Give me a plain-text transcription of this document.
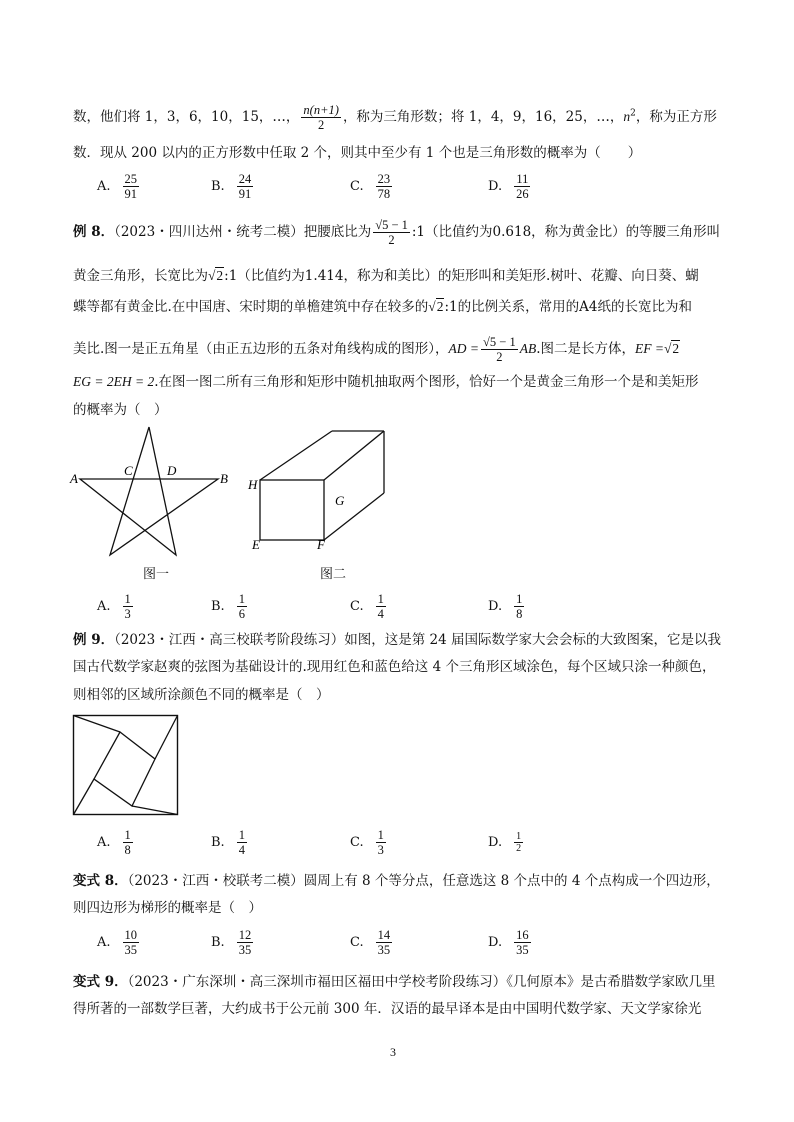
数，他们将 1，3，6，10，15，…， $\frac{n(n+1)}{2}$ ，称为三角形数；将 1，4，9，16，25，…，$n^2$，称为正方形
数．现从 200 以内的正方形数中任取 2 个，则其中至少有 1 个也是三角形数的概率为（　　）
A. $\frac{25}{91}$	B. $\frac{24}{91}$	C. $\frac{23}{78}$	D. $\frac{11}{26}$
例 8．（2023・四川达州・统考二模）把腰底比为 $\frac{√5 - 1}{2}$ :1（比值约为0.618，称为黄金比）的等腰三角形叫
黄金三角形，长宽比为√2:1（比值约为1.414，称为和美比）的矩形叫和美矩形.树叶、花瓣、向日葵、蝴
蝶等都有黄金比.在中国唐、宋时期的单檐建筑中存在较多的√2:1的比例关系，常用的A4纸的长宽比为和
美比.图一是正五角星（由正五边形的五条对角线构成的图形），AD = $\frac{√5 - 1}{2}$ AB.图二是长方体，EF =√2
EG = 2EH = 2.在图一图二所有三角形和矩形中随机抽取两个图形，恰好一个是黄金三角形一个是和美矩形
的概率为（　）
A
C	D
B
图一
H
G
E	F
图二
A. $\frac{1}{3}$	B. $\frac{1}{6}$	C. $\frac{1}{4}$	D. $\frac{1}{8}$
例 9．（2023・江西・高三校联考阶段练习）如图，这是第 24 届国际数学家大会会标的大致图案，它是以我
国古代数学家赵爽的弦图为基础设计的.现用红色和蓝色给这 4 个三角形区域涂色，每个区域只涂一种颜色，
则相邻的区域所涂颜色不同的概率是（　）
A. $\frac{1}{8}$	B. $\frac{1}{4}$	C. $\frac{1}{3}$	D. $\frac{1}{2}$
变式 8．（2023・江西・校联考二模）圆周上有 8 个等分点，任意选这 8 个点中的 4 个点构成一个四边形，
则四边形为梯形的概率是（　）
A. $\frac{10}{35}$	B. $\frac{12}{35}$	C. $\frac{14}{35}$	D. $\frac{16}{35}$
变式 9．（2023・广东深圳・高三深圳市福田区福田中学校考阶段练习）《几何原本》是古希腊数学家欧几里
得所著的一部数学巨著，大约成书于公元前 300 年．汉语的最早译本是由中国明代数学家、天文学家徐光
3
